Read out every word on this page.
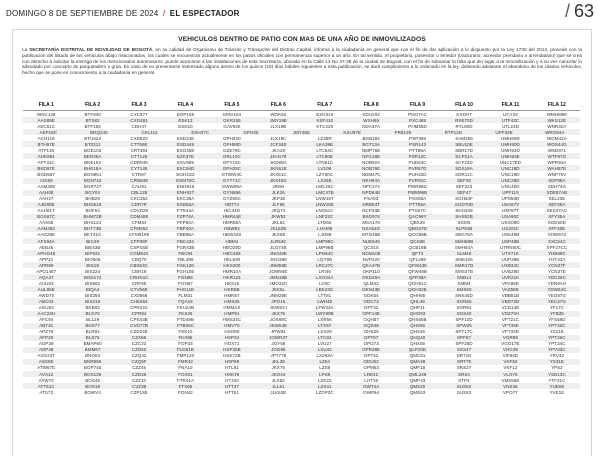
DOMINGO 8 DE SEPTIEMBRE DE 2024 / EL ESPECTADOR	/ 63
VEHICULOS DENTRO DE PATIO CON MAS DE UNA AÑO DE INMOVILIZADOS
La SECRETARÍA DISTRITAL DE MOVILIDAD DE BOGOTÁ, en su calidad de Organismo de Tránsito y Transporte del Distrito Capital, informa a la ciudadanía en general que con el fin de dar aplicación a lo dispuesto por la Ley 1730 del 2014, procede con la publicación del listado de los vehículos abajo relacionados, los cuales se encuentran actualmente en los patios oficiales con permanencia superior a un año. En tal sentido, el propietario, poseedor o tenedor (tracturario, acreedor prendario o arrendatario) que se crea con derecho a solicitar la entrega de los mencionados automotores, puede acercarse a las instalaciones de esta Secretaría, ubicada en la Calle 13 No 37-35 de la ciudad de Bogotá, con el fin de subsanar la falta que dio lugar a la inmovilización y a su vez cancelar lo adeudado por concepto de parqueadero y grúa. En caso de no presentarse interesado alguno dentro de los quince (15) días hábiles siguientes a esta publicación, se dará cumplimiento a lo ordenado en la ley, debiendo adelantar el abandono de los citados vehículos, hecho que se pone en conocimiento a la ciudadanía en general.
FILA 1	FILA 2	FILA 3	FILA 4	FILA 5	FILA 6	FILA 7	FILA 8	FILA 9	FILA 10	FILA 11	FILA 12
WNC128	BTF940	CYC577	EOP169	GMO194	WOK62	EXH310	KDU204	PHO7AC	KXDH7	UCY22	WMHM50
AAS88E	BTS82	CXG481	ESK13	GKR155	JMY19E	KSF410	WXH65	PXC465	RXE70D	UTF43C	WKS12E
AEC51C	BTF155	CDH47	ESD10	GAV930	JLX19B	KTC220	NDA37A	PHM65D	RTL80D	UTL24D	WNR32A
AEP18C	BRQ240	CKL114	ESH37C	GPH30	JMY36E	KSU97E	PR5129	RTP12G	UFP32E	WRO94A
ACH116	BTU522	CXD523	ESD24E	GPH420	JLX19C	LZ35R	BGB284	PSP398	SAM255	UMH69D	WOM42A
BTH67E	BT0311	CTT59E	ESD448	GPH900	JCF34E	LKA39E	BGT13A	PSR143	SBU10E	UMH90D	WOS44G
ATF140	BGE103	CRT394	ESO46E	GZE79C	JKA28	LTC54C	NMP76E	PTT86A	SBR17D	UMH92D	WSD871
AHK984	BER35A	CTT128	EZK37E	GRL10C	JKH178	LTC80E	NFG18E	PSR12C	SCP21A	UMH93E	WTF87G
AFT31C	BKE152	CDR946	ESV989	GPY15C	JKD89A	LTN51C	NOB92A	PUD64C	SCF23D	UNC17ED	WPR94A
BKD97E	BHE18A	CYT145	EXC94D	GPH25C	JKN51E	LV109	NOB76E	PVR87G	SDS18A	UNC18D	WAH87E
BGD55T	BGN651	CTR87	EOH41D	GTWW4C	JKX51C	LZY50C	NDM47C	PUH42D	SDR11C	UNC19D	WNP75V
AGI69	BGN742	CRN848	ESM70G	GYT71C	JKX46G	LX25E	NKH94A	PVR91C	SEF30	UNC28D	XDF85A
AAM408	BGR747	CAU91	ENH919	GWW09A	JRI94	LMC26C	NPC374	PWR88G	SEF223	UNC40D	XDH74G
AAH08	BGY04	CBL128	ENH927	GYN856	JLK26	LMC47B	NPD64B	PWM96B	SEF47	UPF119	XDE87AB
AAH27	BHB29	CKC362	EKC38A	GYZ90C	JKP36	LNW16T	PSA83	PSS66A	SGH54F	UPS58D	XEL23E
AJD80E	BHD619	CDR7P	EXB55A	HBT74	JLF96	LNW16E	NRB64T	PTT59A	SGD70D	USA67V	XEF35A
AAH81T	BHF54	CDVD28	FTR44A	HIC44D	JKQ74	LNG51C	NCP33E	PTS67C	SHH108	UXP87T	XES37AC
BGS67C	BHM72B	CDM489	FZP74A	HMR44E	JKW52	LNF22C	BSG974	QAC96Y	SHS52B	USA90C	XFY35A
AAS55	BHS134	CFM54	FFP84A	HMR55A	JKL62	LTD66	MSA179	QBX29	SIO05	UKG09D	XGE50D
AAM483	BHT74B	CFM652	FBP40A	HBW84	JKL62B	LHAM6	NSA54G	QBG57D	SLP94B	USJ03C	XFF40E
AAG28E	BKT31C	CFM9199	FBB96A	HBW448	JKX88	LJH88	MTG46B	QCG59B	SBG79A	USK49B	XHW572
AFX94A	BIC49	CFP38F	FBC432	HBM4	JLR54C	LMP99C	NUE649	QCS6E	SMH68B	USP48B	XXC54C
AEB46	BIE43B	CSP4SB	FGR43B	HBO29D	JLO74B	LMP98B	QCS15	QCB18B	SMH84A	UTRN60C	XPF27CC
APHO48	BIP931	CGM640	FBC94	HBC483	JNO49E	LPN94C	NOM108	QFT2	SLM49	UTX71K	YHB99C
APP21	BIO606	CBQ70	FBL398	HKL930	JNO398	LQY8B	NVP420	QFL269	SME426	UUP38B	YHT43A
APR99	BIS19	CBS53C	FGK12E	HKS300	JNM58E	LRC27C	QKA47B	QFW438	SMR17D	UXB34C	YCN27F
APO1467	BIS224	CBH18	FGH10E	HMR10A	JOW94E	LRI46	OKP110	QFW48B	SMS47B	UVB25E	YCN37E
AQA37	BIS5174	CRHN1C	FGN55	HKR123	JMN18B	LXO34A	OKD29A	QFP38A	SNB14	UVK21K	YDC26C
AUU03	BIS582	CRF55	FGN87	HKS15	JMO32C	LV5C	QLM43	QGH51C	SMM4	VPA86E	YDN9AH
AUL95E	BIQA4	CTV56E	FHG11E	HKR5B	JKK5L	LBK23C	OKN43E	QGH32E	SMS50	VAZ56E	YDW54C
AWD75	BIS294	CX0668	FLM31	HMN57	JNM29E	LTT81	ODK54	QHH55	SNK45D	VBB51B	YEO87G
ABC03	BIS218	CHK654	FQA18	HMS35	JPO16	LWH45	ODC73	QHL48	SON55	VBD73D	YEC47G
AGU53	BKB02	CPR24C	FKU24B	HMMAS	JKWSCI	LFW33A	OPT32	QHP11	SOR54	VCD13E	YF17C
AAC23H	BLG76	CPR94	FKS26	HMP91	JKX75	LWY90B	OPF14E	QHO93	SOS40	VDZ70H	YFB35
AFC94	BLL29	CPS43B	FTD48B	HMS34C	JOX89C	LXR56	OQH57	QHS66B	SPF12D	VFT21C	YFS58D
ABT31	BHX77	CVD77B	FTB06C	HMV70	JKW54E	LTX57	OQS48	QHS56	SPW35	VFT46E	YPT32C
APZ79	BLR84	CZD34E	FSK10	HSO80	JPW84	LSX29	OHS39	QHS46	SPT17C	VFT33D	YS21E
AFP28	BLS75	CZX66	FKX86	HSP34	JOWR37	LTC84	OPT57	QHQ40	SPF67	VGR89	YPT26C
AGP39	BMAP60	CZC22	FOP33	HOX71	JOY58	LVU27	OPO73	QHX55	SPF25D	VGO17E	YPT34C
ADP48	BMM67	CZD62	FLD51B	HSP35B	JOO96	LXU42	OPR38E	QLP20D	SSS47	VHG38	YPV33C
AGS23T	BNO63	CZQ42	FMP120	HSK72B	JPT778	LXZ63A	OPT42	QMC51	SR71E	VIF80D	YRV42
ASS6E	BNR996	CZQ5F	FMR42	HSP59	JKL38	LZ54	ODU52	QMA48	SRT79	VKF52	YS31E
ATW87E	BOP745	CZZ45	FNA10	HTL91	JKX76	LZS8	OPM53	QMF18	SRS27	VKF12	YPS2
AVX12	BOS139	CZD46	FOX01	HXK79	JKO44	LPS9	LRE42	QML248	SRS4	VLO75	YSD13C
AYW72	BOS46	CZZ10	FTR41A	HTJ33	JLS52	LZK22	LHT18	QMP43	STP4	VMS56E	YTF21C
ATT51C	BOS18	CVZ38	FTX65	HTT47	JLL61	LZS41	OWT4A	QMS20	SUS62	VNS46	YUE65
ATS73	BOWV4	CZP15E	FON42	HTT51	JLK53E	LZOP3C	OWP64	QMS63	SUS53	VPO77	YVE1E
